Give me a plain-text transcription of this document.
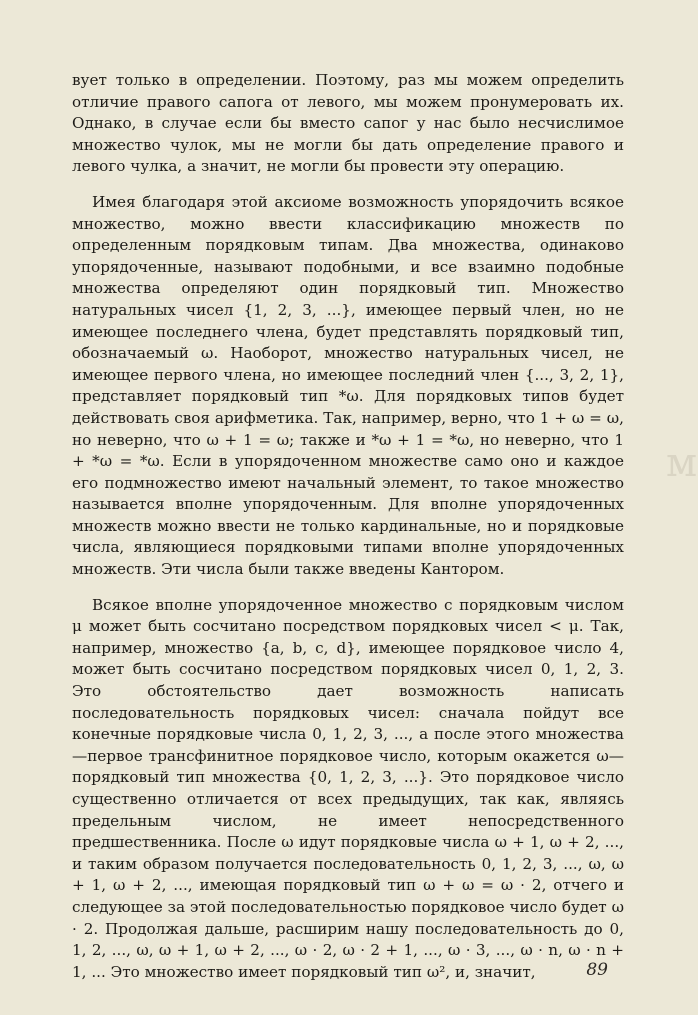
вует только в определении. Поэтому, раз мы можем определить отличие правого сапога от левого, мы можем пронумеровать их. Однако, в случае если бы вместо сапог у нас было несчислимое множество чулок, мы не могли бы дать определение правого и левого чулка, а значит, не могли бы провести эту операцию.

Имея благодаря этой аксиоме возможность упорядочить всякое множество, можно ввести классификацию множеств по определенным порядковым типам. Два множества, одинаково упорядоченные, называют подобными, и все взаимно подобные множества определяют один порядковый тип. Множество натуральных чисел {1, 2, 3, ...}, имеющее первый член, но не имеющее последнего члена, будет представлять порядковый тип, обозначаемый ω. Наоборот, множество натуральных чисел, не имеющее первого члена, но имеющее последний член {..., 3, 2, 1}, представляет порядковый тип *ω. Для порядковых типов будет действовать своя арифметика. Так, например, верно, что 1 + ω = ω, но неверно, что ω + 1 = ω; также и *ω + 1 = *ω, но неверно, что 1 + *ω = *ω. Если в упорядоченном множестве само оно и каждое его подмножество имеют начальный элемент, то такое множество называется вполне упорядоченным. Для вполне упорядоченных множеств можно ввести не только кардинальные, но и порядковые числа, являющиеся порядковыми типами вполне упорядоченных множеств. Эти числа были также введены Кантором.

Всякое вполне упорядоченное множество с порядковым числом μ может быть сосчитано посредством порядковых чисел < μ. Так, например, множество {a, b, c, d}, имеющее порядковое число 4, может быть сосчитано посредством порядковых чисел 0, 1, 2, 3. Это обстоятельство дает возможность написать последовательность порядковых чисел: сначала пойдут все конечные порядковые числа 0, 1, 2, 3, ..., а после этого множества—первое трансфинитное порядковое число, которым окажется ω—порядковый тип множества {0, 1, 2, 3, ...}. Это порядковое число существенно отличается от всех предыдущих, так как, являясь предельным числом, не имеет непосредственного предшественника. После ω идут порядковые числа ω + 1, ω + 2, ..., и таким образом получается последовательность 0, 1, 2, 3, ..., ω, ω + 1, ω + 2, ..., имеющая порядковый тип ω + ω = ω · 2, отчего и следующее за этой последовательностью порядковое число будет ω · 2. Продолжая дальше, расширим нашу последовательность до 0, 1, 2, ..., ω, ω + 1, ω + 2, ..., ω · 2, ω · 2 + 1, ..., ω · 3, ..., ω · n, ω · n + 1, ... Это множество имеет порядковый тип ω², и, значит,

м
89
